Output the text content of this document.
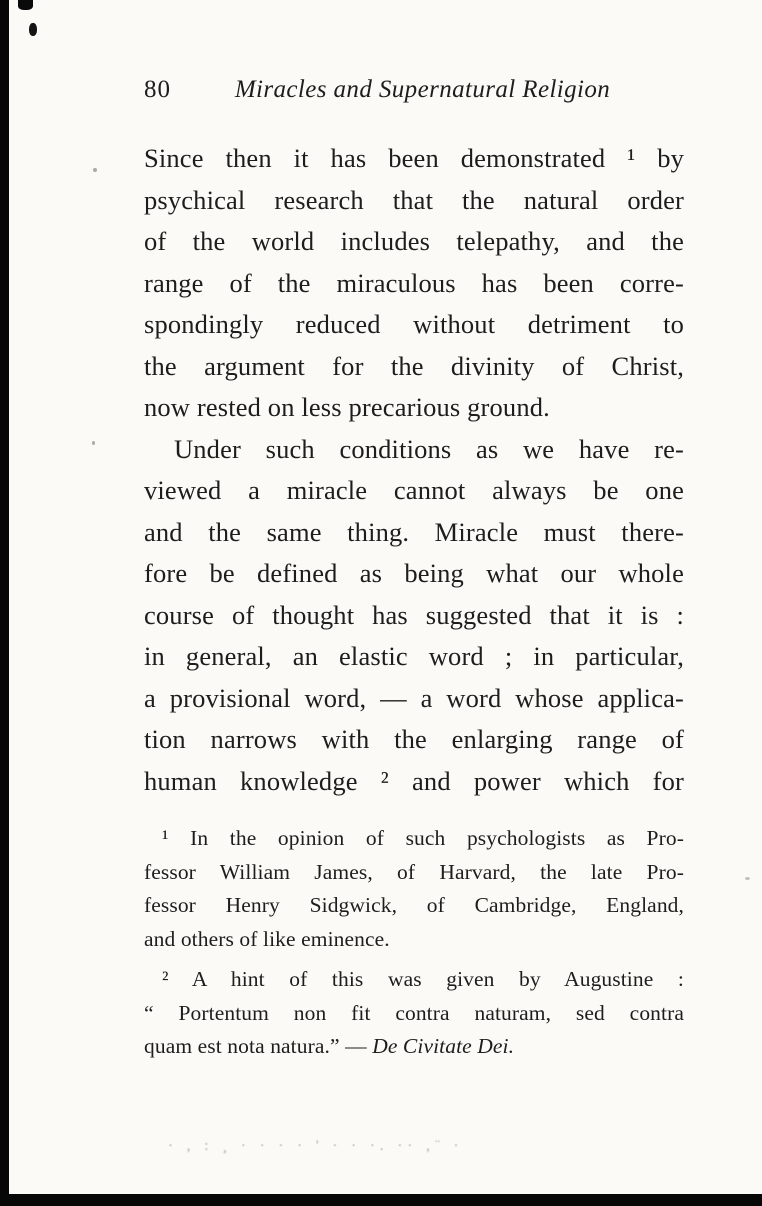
80	Miracles and Supernatural Religion
Since then it has been demonstrated ¹ by
psychical research that the natural order
of the world includes telepathy, and the
range of the miraculous has been corre-
spondingly reduced without detriment to
the argument for the divinity of Christ,
now rested on less precarious ground.
Under such conditions as we have re-
viewed a miracle cannot always be one
and the same thing. Miracle must there-
fore be defined as being what our whole
course of thought has suggested that it is :
in general, an elastic word ; in particular,
a provisional word, — a word whose applica-
tion narrows with the enlarging range of
human knowledge ² and power which for
¹ In the opinion of such psychologists as Pro-
fessor William James, of Harvard, the late Pro-
fessor Henry Sidgwick, of Cambridge, England,
and others of like eminence.
² A hint of this was given by Augustine :
“ Portentum non fit contra naturam, sed contra
quam est nota natura.” — De Civitate Dei.
· , : ¸ · · · · ' · · ·. ·· ,¨ ·
